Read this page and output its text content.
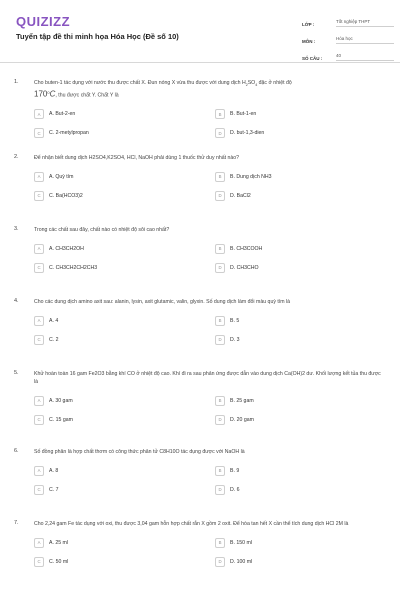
QUIZIZZ
Tuyển tập đề thi minh họa Hóa Học (Đề số 10)
LỚP :
Tốt nghiệp THPT
MÔN :
Hóa học
SỐ CÂU :
40
1.	Cho buten-1 tác dụng với nước thu được chất X. Đun nóng X vừa thu được với dung dịch $H_2SO_4$ đặc ở nhiệt độ
$170^0C$, thu được chất Y. Chất Y là
A	A. But-2-en	B	B. But-1-en
C	C. 2-metylpropan	D	D. but-1,3-dien
2.	Để nhận biết dung dịch H2SO4,K2SO4, HCl, NaOH phải dùng 1 thuốc thử duy nhất nào?
A	A. Quỳ tím	B	B. Dung dịch NH3
C	C. Ba(HCO3)2	D	D. BaCl2
3.	Trong các chất sau đây, chất nào có nhiệt độ sôi cao nhất?
A	A. CH3CH2OH	B	B. CH3COOH
C	C. CH3CH2CH2CH3	D	D. CH3CHO
4.	Cho các dung dịch amino axit sau: alanin, lysin, axit glutamic, valin, glyxin. Số dung dịch làm đổi màu quỳ tím là
A	A. 4	B	B. 5
C	C. 2	D	D. 3
5.	Khử hoàn toàn 16 gam Fe2O3 bằng khí CO ở nhiệt độ cao. Khí đi ra sau phản ứng được dẫn vào dung dịch Ca(OH)2 dư. Khối lượng kết tủa thu được là
A	A. 30 gam	B	B. 25 gam
C	C. 15 gam	D	D. 20 gam
6.	Số đồng phân là hợp chất thơm có công thức phân tử C8H10O tác dụng được với NaOH là
A	A. 8	B	B. 9
C	C. 7	D	D. 6
7.	Cho 2,24 gam Fe tác dụng với oxi, thu được 3,04 gam hỗn hợp chất rắn X gồm 2 oxit. Để hòa tan hết X cần thể tích dung dịch HCl 2M là
A	A. 25 ml	B	B. 150 ml
C	C. 50 ml	D	D. 100 ml
